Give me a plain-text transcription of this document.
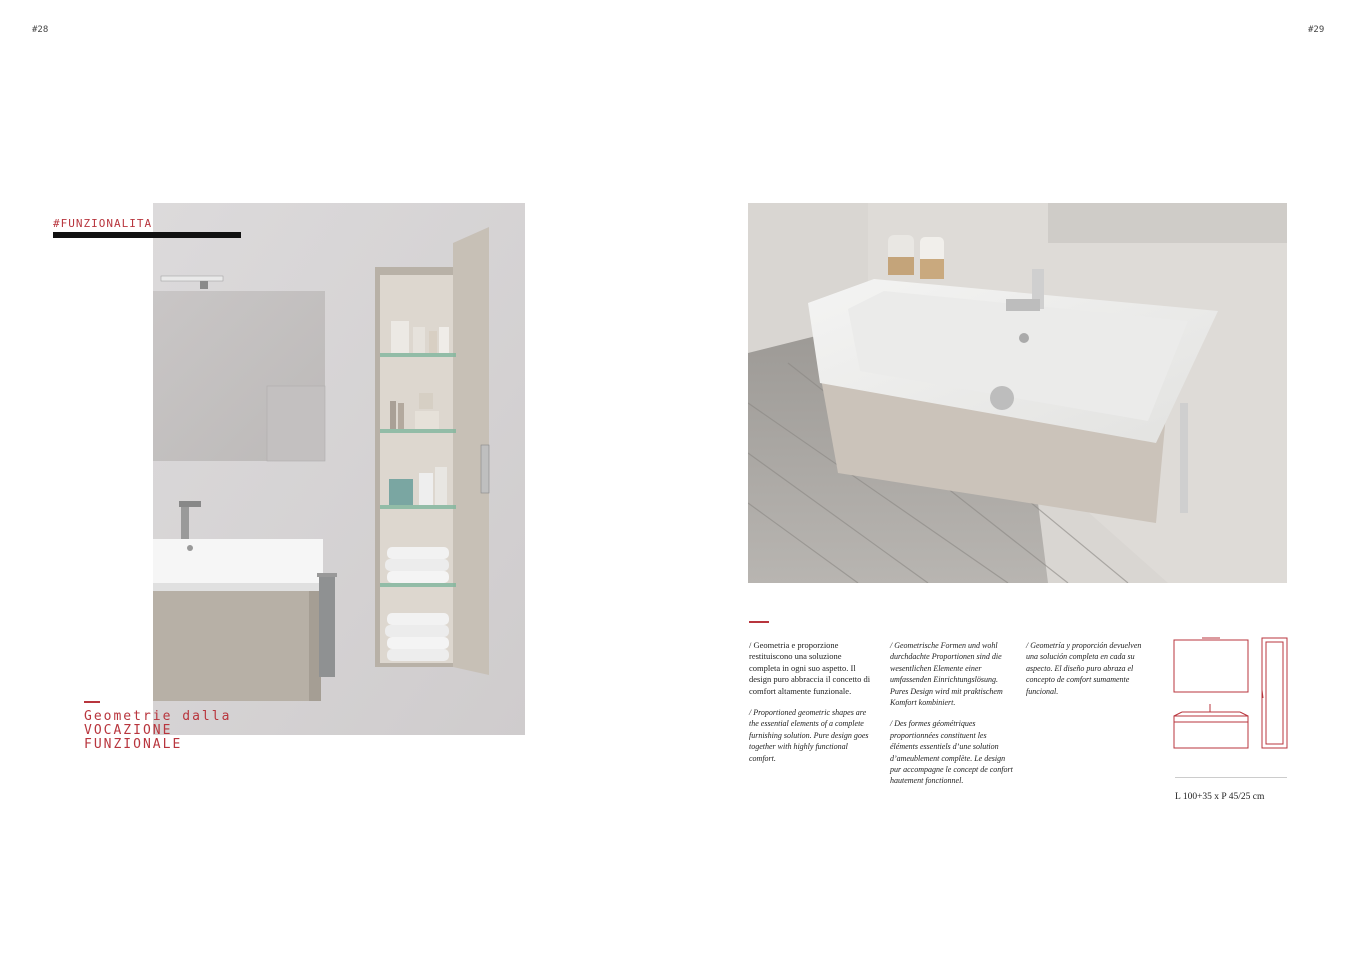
#28	#29
#FUNZIONALITA
Geometrie dalla
VOCAZIONE
FUNZIONALE

/ Geometria e proporzione restituiscono una soluzione completa in ogni suo aspetto. Il design puro abbraccia il concetto di comfort altamente funzionale.

/ Proportioned geometric shapes are the essential elements of a complete furnishing solution. Pure design goes together with highly functional comfort.

/ Geometrische Formen und wohl durchdachte Proportionen sind die wesentlichen Elemente einer umfassenden Einrichtungslösung. Pures Design wird mit praktischem Komfort kombiniert.

/ Des formes géométriques proportionnées constituent les éléments essentiels d’une solution d’ameublement complète. Le design pur accompagne le concept de confort hautement fonctionnel.

/ Geometría y proporción devuelven una solución completa en cada su aspecto. El diseño puro abraza el concepto de comfort sumamente funcional.

L 100+35 x P 45/25 cm
